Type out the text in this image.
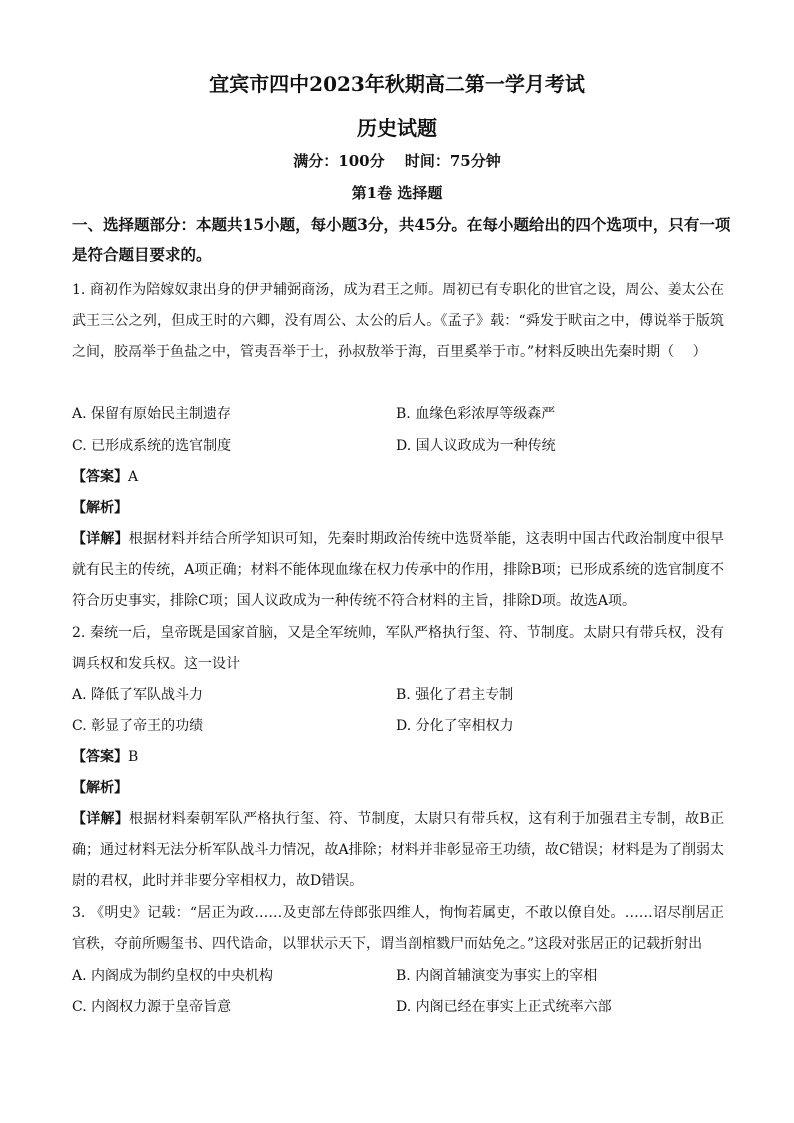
宜宾市四中2023年秋期高二第一学月考试
历史试题
满分：100分　 时间：75分钟
第1卷 选择题
一、选择题部分：本题共15小题，每小题3分，共45分。在每小题给出的四个选项中，只有一项是符合题目要求的。
1. 商初作为陪嫁奴隶出身的伊尹辅弼商汤，成为君王之师。周初已有专职化的世官之设，周公、姜太公在武王三公之列，但成王时的六卿，没有周公、太公的后人。《孟子》载：“舜发于畎亩之中，傅说举于版筑之间，胶鬲举于鱼盐之中，管夷吾举于士，孙叔敖举于海，百里奚举于市。”材料反映出先秦时期（　 ）
A. 保留有原始民主制遗存	B. 血缘色彩浓厚等级森严
C. 已形成系统的选官制度	D. 国人议政成为一种传统
【答案】A
【解析】
【详解】根据材料并结合所学知识可知，先秦时期政治传统中选贤举能，这表明中国古代政治制度中很早就有民主的传统，A项正确；材料不能体现血缘在权力传承中的作用，排除B项；已形成系统的选官制度不符合历史事实，排除C项；国人议政成为一种传统不符合材料的主旨，排除D项。故选A项。
2. 秦统一后，皇帝既是国家首脑，又是全军统帅，军队严格执行玺、符、节制度。太尉只有带兵权，没有调兵权和发兵权。这一设计
A. 降低了军队战斗力	B. 强化了君主专制
C. 彰显了帝王的功绩	D. 分化了宰相权力
【答案】B
【解析】
【详解】根据材料秦朝军队严格执行玺、符、节制度，太尉只有带兵权，这有利于加强君主专制，故B正确；通过材料无法分析军队战斗力情况，故A排除；材料并非彰显帝王功绩，故C错误；材料是为了削弱太尉的君权，此时并非要分宰相权力，故D错误。
3. 《明史》记载：“居正为政……及吏部左侍郎张四维人，恂恂若属吏，不敢以僚自处。……诏尽削居正官秩，夺前所赐玺书、四代诰命，以罪状示天下，谓当剖棺戮尸而姑免之。”这段对张居正的记载折射出
A. 内阁成为制约皇权的中央机构	B. 内阁首辅演变为事实上的宰相
C. 内阁权力源于皇帝旨意	D. 内阁已经在事实上正式统率六部
